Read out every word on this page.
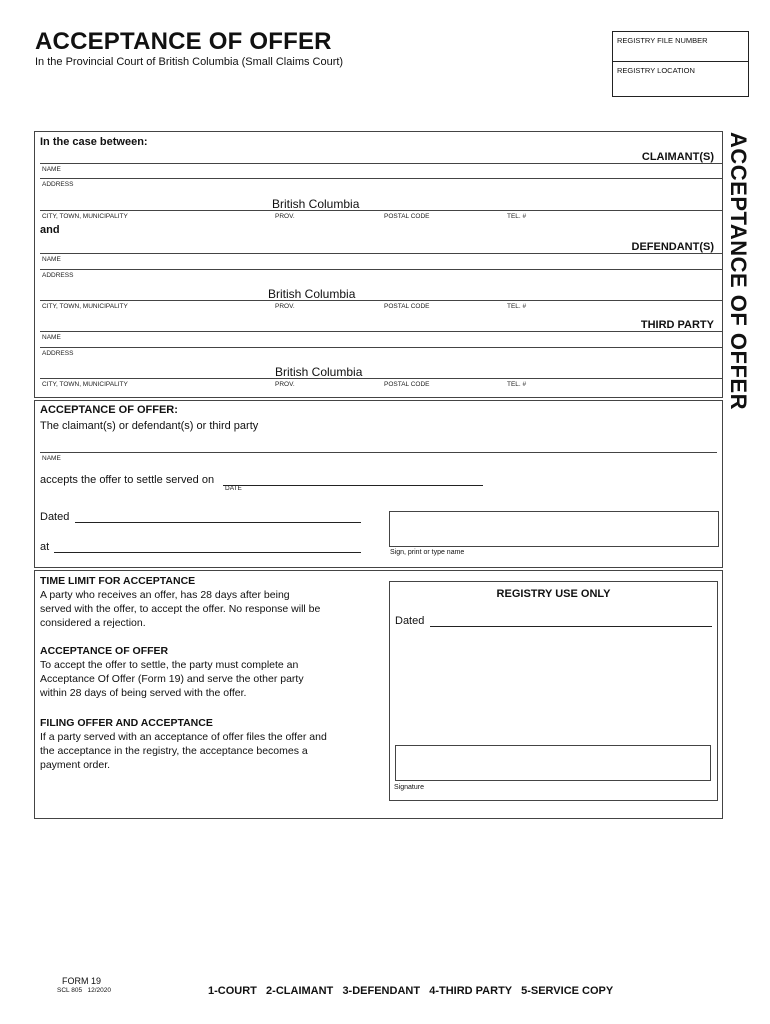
ACCEPTANCE OF OFFER
In the Provincial Court of British Columbia (Small Claims Court)
REGISTRY FILE NUMBER
REGISTRY LOCATION
ACCEPTANCE OF OFFER
In the case between:
CLAIMANT(S)
NAME
ADDRESS
British Columbia
CITY, TOWN, MUNICIPALITY	PROV.	POSTAL CODE	TEL. #
and
DEFENDANT(S)
NAME
ADDRESS
British Columbia
CITY, TOWN, MUNICIPALITY	PROV.	POSTAL CODE	TEL. #
THIRD PARTY
NAME
ADDRESS
British Columbia
CITY, TOWN, MUNICIPALITY	PROV.	POSTAL CODE	TEL. #
ACCEPTANCE OF OFFER:
The claimant(s) or defendant(s) or third party
NAME
accepts the offer to settle served on
DATE
Dated
at	Sign, print or type name
TIME LIMIT FOR ACCEPTANCE
A party who receives an offer, has 28 days after being
served with the offer, to accept the offer. No response will be
considered a rejection.
ACCEPTANCE OF OFFER
To accept the offer to settle, the party must complete an
Acceptance Of Offer (Form 19) and serve the other party
within 28 days of being served with the offer.
FILING OFFER AND ACCEPTANCE
If a party served with an acceptance of offer files the offer and
the acceptance in the registry, the acceptance becomes a
payment order.
REGISTRY USE ONLY
Dated
Signature
FORM 19
SCL 805   12/2020	1-COURT   2-CLAIMANT   3-DEFENDANT   4-THIRD PARTY   5-SERVICE COPY
